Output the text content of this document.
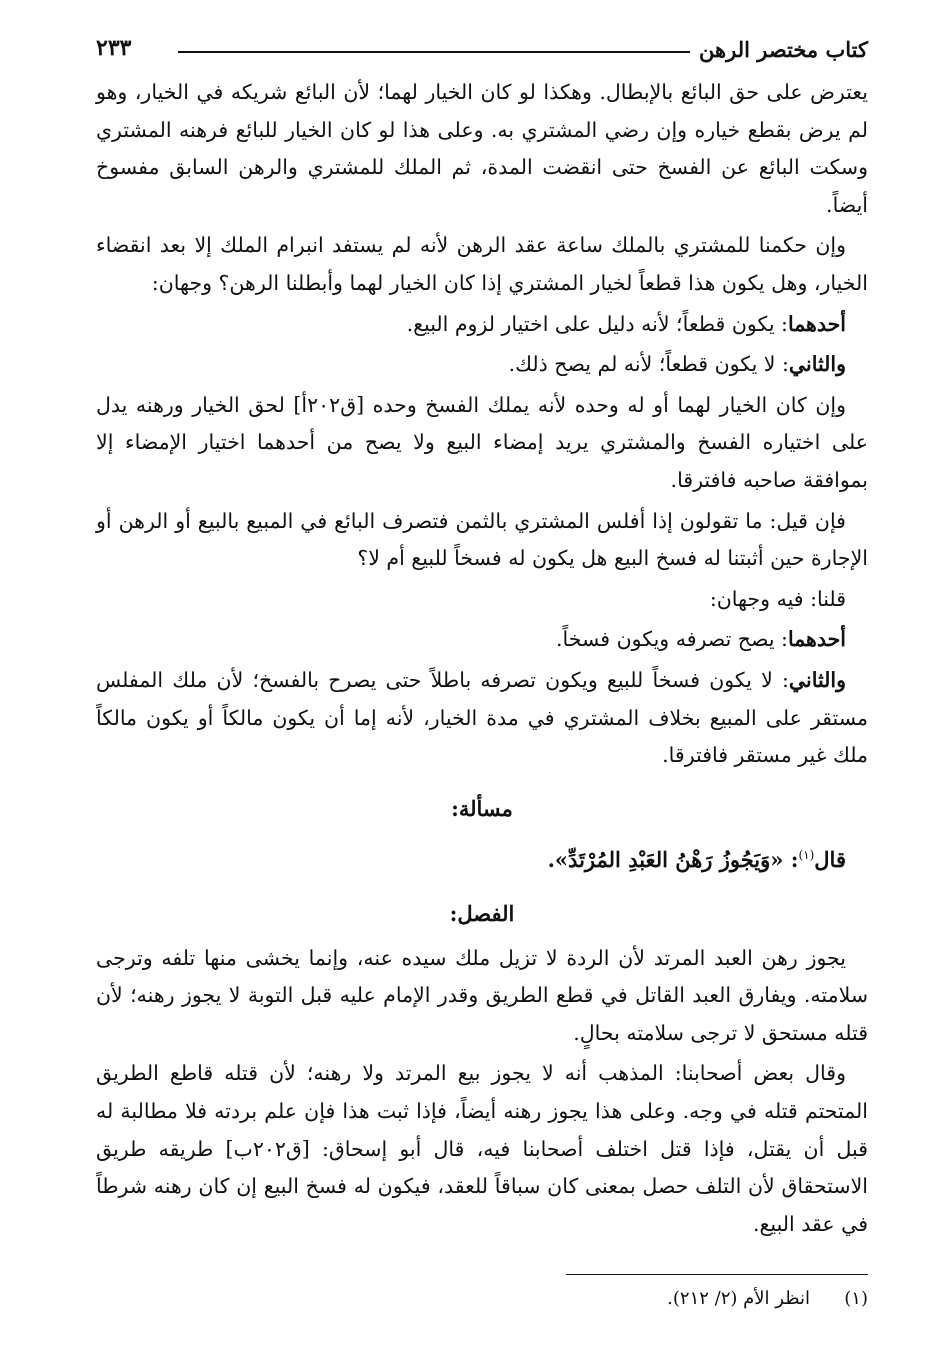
كتاب مختصر الرهن
٢٣٣

يعترض على حق البائع بالإبطال. وهكذا لو كان الخيار لهما؛ لأن البائع شريكه في الخيار، وهو لم يرض بقطع خياره وإن رضي المشتري به. وعلى هذا لو كان الخيار للبائع فرهنه المشتري وسكت البائع عن الفسخ حتى انقضت المدة، ثم الملك للمشتري والرهن السابق مفسوخ أيضاً.

وإن حكمنا للمشتري بالملك ساعة عقد الرهن لأنه لم يستفد انبرام الملك إلا بعد انقضاء الخيار، وهل يكون هذا قطعاً لخيار المشتري إذا كان الخيار لهما وأبطلنا الرهن؟ وجهان:

أحدهما: يكون قطعاً؛ لأنه دليل على اختيار لزوم البيع.

والثاني: لا يكون قطعاً؛ لأنه لم يصح ذلك.

وإن كان الخيار لهما أو له وحده لأنه يملك الفسخ وحده [ق٢٠٢أ] لحق الخيار ورهنه يدل على اختياره الفسخ والمشتري يريد إمضاء البيع ولا يصح من أحدهما اختيار الإمضاء إلا بموافقة صاحبه فافترقا.

فإن قيل: ما تقولون إذا أفلس المشتري بالثمن فتصرف البائع في المبيع بالبيع أو الرهن أو الإجارة حين أثبتنا له فسخ البيع هل يكون له فسخاً للبيع أم لا؟

قلنا: فيه وجهان:

أحدهما: يصح تصرفه ويكون فسخاً.

والثاني: لا يكون فسخاً للبيع ويكون تصرفه باطلاً حتى يصرح بالفسخ؛ لأن ملك المفلس مستقر على المبيع بخلاف المشتري في مدة الخيار، لأنه إما أن يكون مالكاً أو يكون مالكاً ملك غير مستقر فافترقا.

مسألة:
قال$^{(١)}$: «وَيَجُوزُ رَهْنُ العَبْدِ المُرْتَدِّ».
الفصل:

يجوز رهن العبد المرتد لأن الردة لا تزيل ملك سيده عنه، وإنما يخشى منها تلفه وترجى سلامته. ويفارق العبد القاتل في قطع الطريق وقدر الإمام عليه قبل التوبة لا يجوز رهنه؛ لأن قتله مستحق لا ترجى سلامته بحالٍ.

وقال بعض أصحابنا: المذهب أنه لا يجوز بيع المرتد ولا رهنه؛ لأن قتله قاطع الطريق المتحتم قتله في وجه. وعلى هذا يجوز رهنه أيضاً، فإذا ثبت هذا فإن علم بردته فلا مطالبة له قبل أن يقتل، فإذا قتل اختلف أصحابنا فيه، قال أبو إسحاق: [ق٢٠٢ب] طريقه طريق الاستحقاق لأن التلف حصل بمعنى كان سباقاً للعقد، فيكون له فسخ البيع إن كان رهنه شرطاً في عقد البيع.

(١)انظر الأم (٢/ ٢١٢).
